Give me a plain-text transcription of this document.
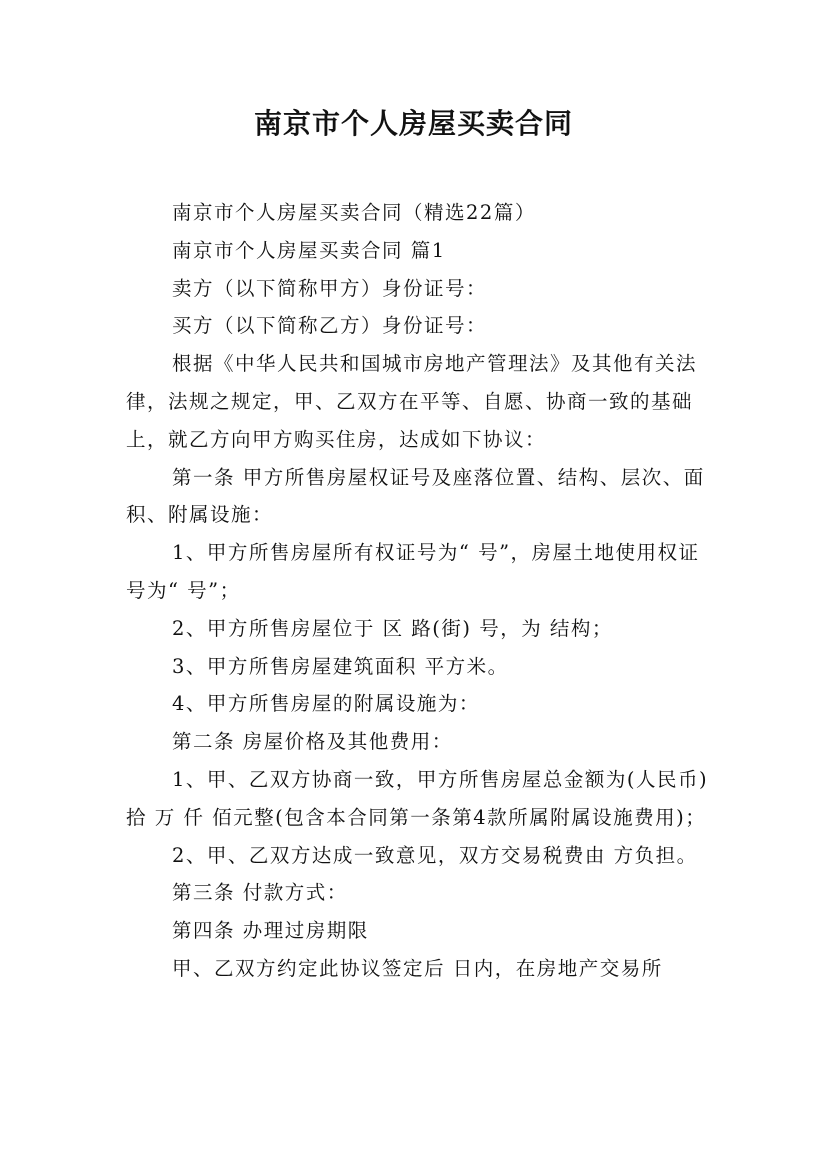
南京市个人房屋买卖合同

南京市个人房屋买卖合同（精选22篇）

南京市个人房屋买卖合同 篇1

卖方（以下简称甲方）身份证号：

买方（以下简称乙方）身份证号：

根据《中华人民共和国城市房地产管理法》及其他有关法律，法规之规定，甲、乙双方在平等、自愿、协商一致的基础上，就乙方向甲方购买住房，达成如下协议：

第一条 甲方所售房屋权证号及座落位置、结构、层次、面积、附属设施：

1、甲方所售房屋所有权证号为“ 号”，房屋土地使用权证号为“ 号”；

2、甲方所售房屋位于 区 路(街) 号，为 结构；

3、甲方所售房屋建筑面积 平方米。

4、甲方所售房屋的附属设施为：

第二条 房屋价格及其他费用：

1、甲、乙双方协商一致，甲方所售房屋总金额为(人民币) 拾 万 仟 佰元整(包含本合同第一条第4款所属附属设施费用)；

2、甲、乙双方达成一致意见，双方交易税费由 方负担。

第三条 付款方式：

第四条 办理过房期限

甲、乙双方约定此协议签定后 日内，在房地产交易所
